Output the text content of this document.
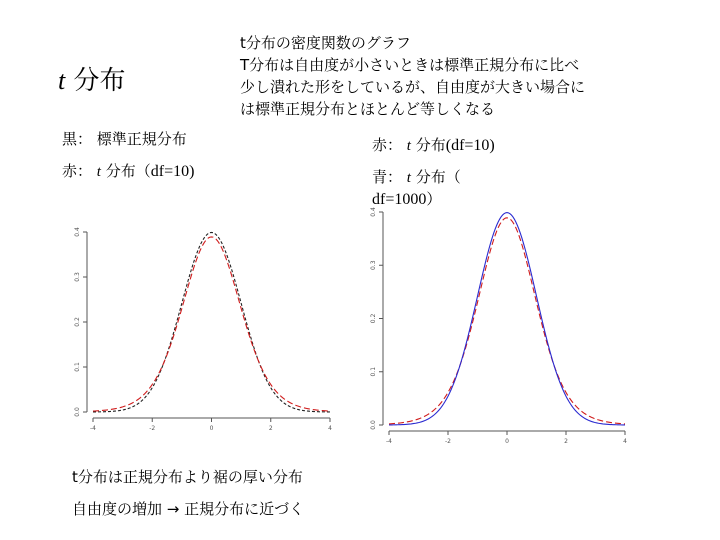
t 分布
t分布の密度関数のグラフ
T分布は自由度が小さいときは標準正規分布に比べ
少し潰れた形をしているが、自由度が大きい場合に
は標準正規分布とほとんど等しくなる
黒： 標準正規分布
赤： t 分布（df=10)
赤： t 分布(df=10)
青： t 分布（
df=1000）
0.0
0.1
0.2
0.3
0.4
-4	-2	0	2	4	0.0
0.1
0.2
0.3
0.4
-4	-2	0	2	4
t分布は正規分布より裾の厚い分布
自由度の増加 → 正規分布に近づく
